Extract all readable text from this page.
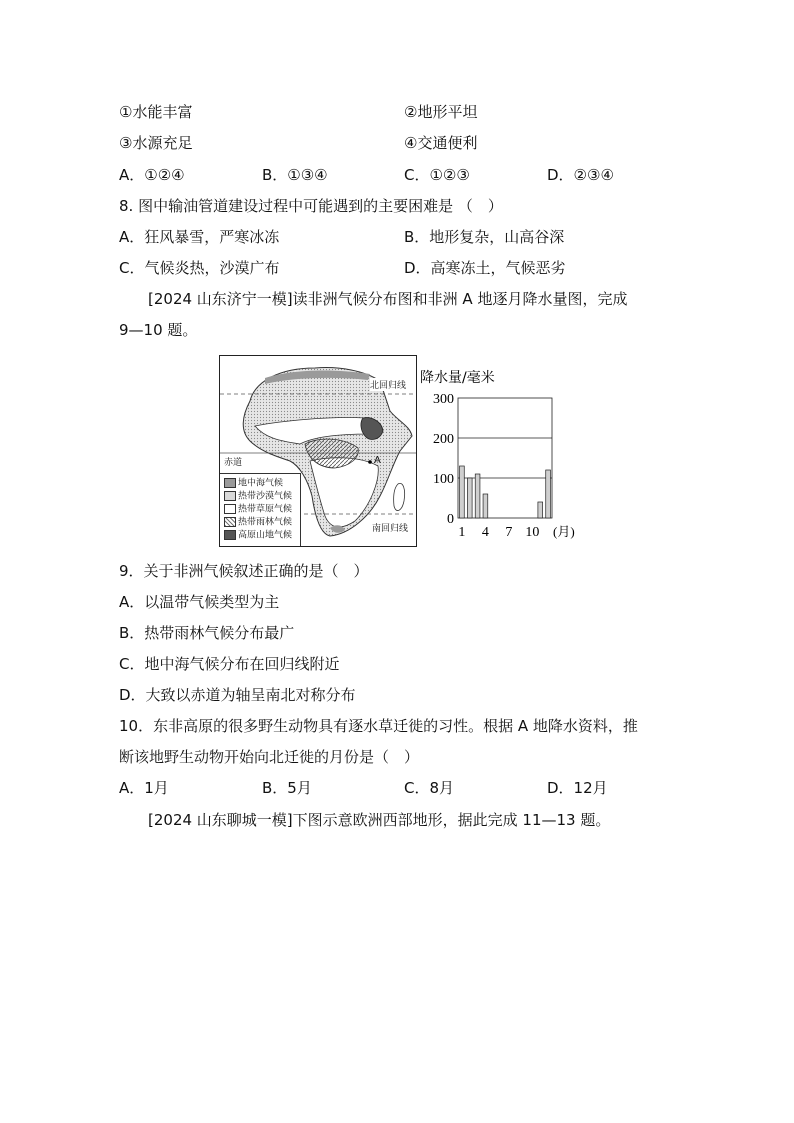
①水能丰富	②地形平坦
③水源充足	④交通便利
A．①②④	B．①③④	C．①②③	D．②③④
8. 图中输油管道建设过程中可能遇到的主要困难是 （　）
A．狂风暴雪，严寒冰冻	B．地形复杂，山高谷深
C．气候炎热，沙漠广布	D．高寒冻土，气候恶劣
[2024 山东济宁一模]读非洲气候分布图和非洲 A 地逐月降水量图，完成
9—10 题。
北回归线
赤道
南回归线
A
地中海气候
热带沙漠气候
热带草原气候
热带雨林气候
高原山地气候
降水量/毫米
0
100
200
300
1 4 7 10 (月)
9．关于非洲气候叙述正确的是（　）
A．以温带气候类型为主
B．热带雨林气候分布最广
C．地中海气候分布在回归线附近
D．大致以赤道为轴呈南北对称分布
10．东非高原的很多野生动物具有逐水草迁徙的习性。根据 A 地降水资料，推
断该地野生动物开始向北迁徙的月份是（　）
A．1月	B．5月	C．8月	D．12月
[2024 山东聊城一模]下图示意欧洲西部地形，据此完成 11—13 题。
